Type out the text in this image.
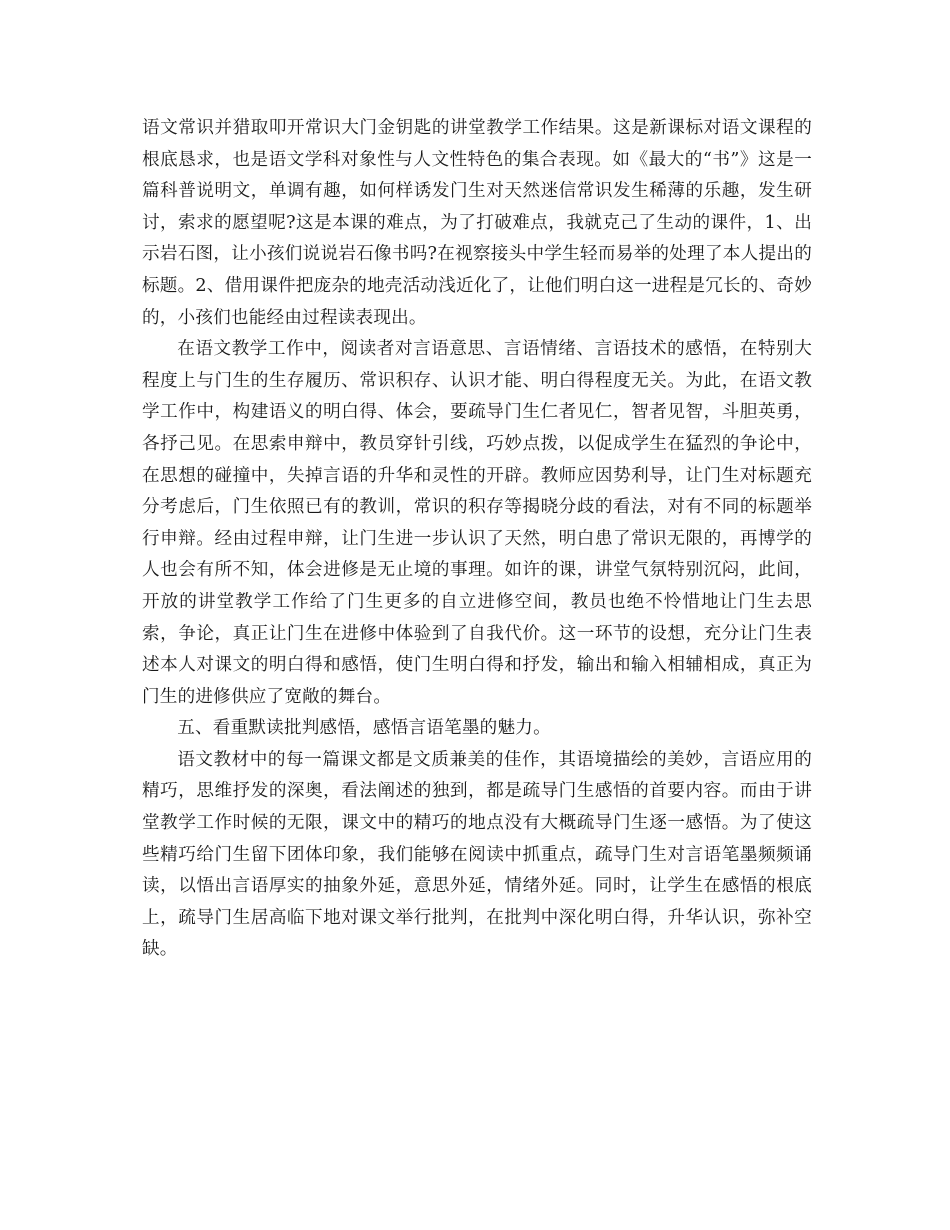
语文常识并猎取叩开常识大门金钥匙的讲堂教学工作结果。这是新课标对语文课程的根底恳求，也是语文学科对象性与人文性特色的集合表现。如《最大的“书”》这是一篇科普说明文，单调有趣，如何样诱发门生对天然迷信常识发生稀薄的乐趣，发生研讨，索求的愿望呢?这是本课的难点，为了打破难点，我就克己了生动的课件，1、出示岩石图，让小孩们说说岩石像书吗?在视察接头中学生轻而易举的处理了本人提出的标题。2、借用课件把庞杂的地壳活动浅近化了，让他们明白这一进程是冗长的、奇妙的，小孩们也能经由过程读表现出。

在语文教学工作中，阅读者对言语意思、言语情绪、言语技术的感悟，在特别大程度上与门生的生存履历、常识积存、认识才能、明白得程度无关。为此，在语文教学工作中，构建语义的明白得、体会，要疏导门生仁者见仁，智者见智，斗胆英勇，各抒己见。在思索申辩中，教员穿针引线，巧妙点拨，以促成学生在猛烈的争论中，在思想的碰撞中，失掉言语的升华和灵性的开辟。教师应因势利导，让门生对标题充分考虑后，门生依照已有的教训，常识的积存等揭晓分歧的看法，对有不同的标题举行申辩。经由过程申辩，让门生进一步认识了天然，明白患了常识无限的，再博学的人也会有所不知，体会进修是无止境的事理。如许的课，讲堂气氛特别沉闷，此间，开放的讲堂教学工作给了门生更多的自立进修空间，教员也绝不怜惜地让门生去思索，争论，真正让门生在进修中体验到了自我代价。这一环节的设想，充分让门生表述本人对课文的明白得和感悟，使门生明白得和抒发，输出和输入相辅相成，真正为门生的进修供应了宽敞的舞台。

五、看重默读批判感悟，感悟言语笔墨的魅力。

语文教材中的每一篇课文都是文质兼美的佳作，其语境描绘的美妙，言语应用的精巧，思维抒发的深奥，看法阐述的独到，都是疏导门生感悟的首要内容。而由于讲堂教学工作时候的无限，课文中的精巧的地点没有大概疏导门生逐一感悟。为了使这些精巧给门生留下团体印象，我们能够在阅读中抓重点，疏导门生对言语笔墨频频诵读，以悟出言语厚实的抽象外延，意思外延，情绪外延。同时，让学生在感悟的根底上，疏导门生居高临下地对课文举行批判，在批判中深化明白得，升华认识，弥补空缺。
